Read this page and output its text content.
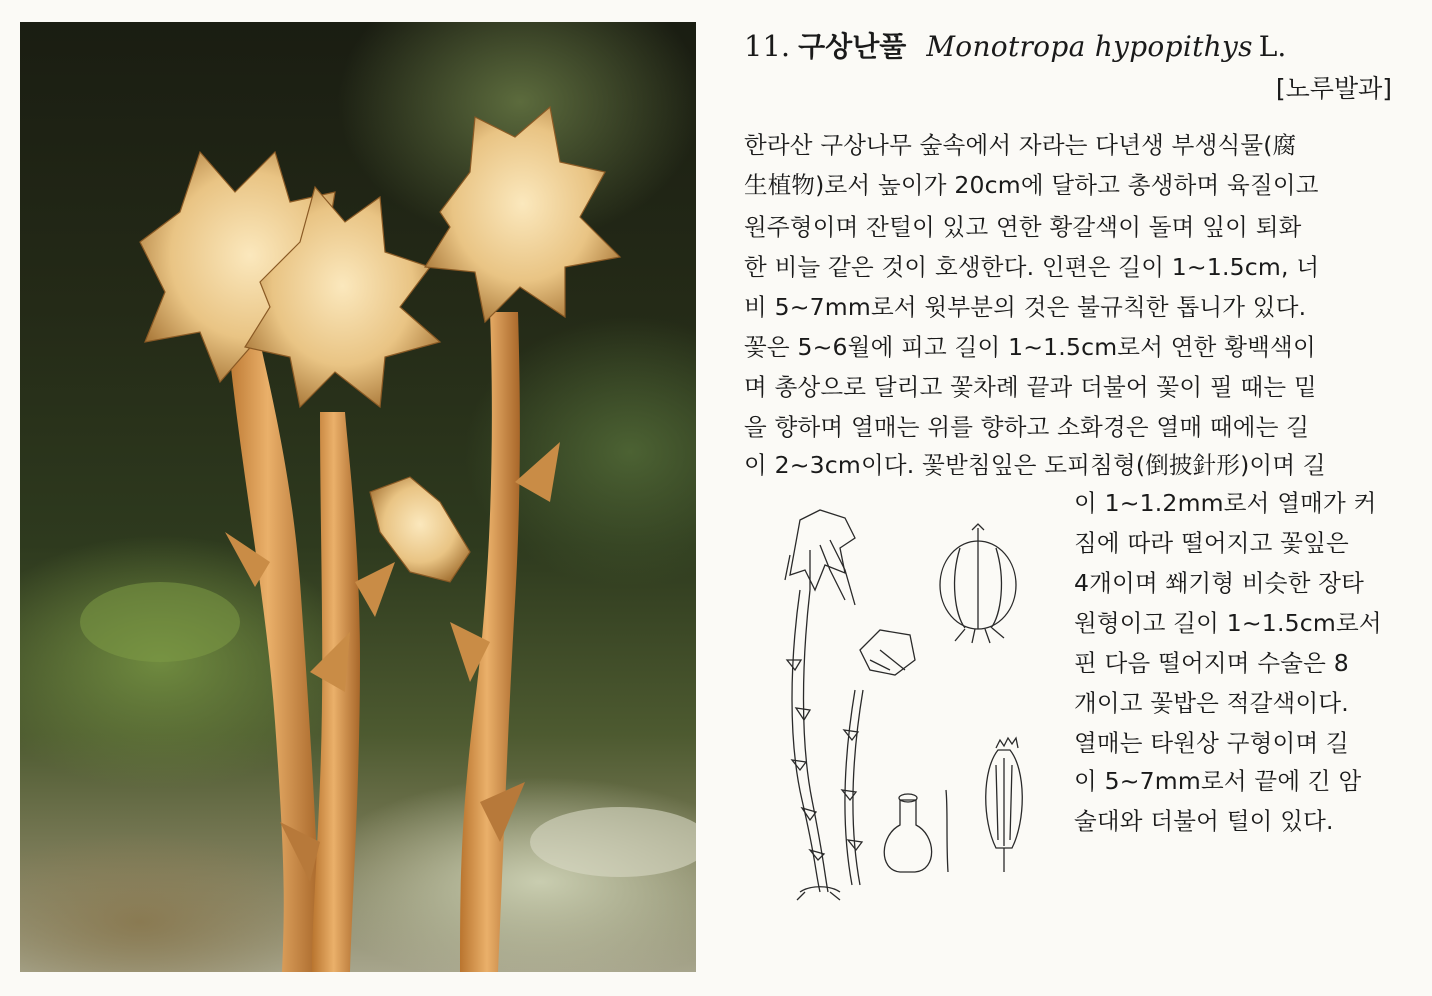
11. 구상난풀 Monotropa hypopithys L.
[노루발과]
한라산 구상나무 숲속에서 자라는 다년생 부생식물(腐
生植物)로서 높이가 20cm에 달하고 총생하며 육질이고
원주형이며 잔털이 있고 연한 황갈색이 돌며 잎이 퇴화
한 비늘 같은 것이 호생한다. 인편은 길이 1~1.5cm, 너
비 5~7mm로서 윗부분의 것은 불규칙한 톱니가 있다.
꽃은 5~6월에 피고 길이 1~1.5cm로서 연한 황백색이
며 총상으로 달리고 꽃차례 끝과 더불어 꽃이 필 때는 밑
을 향하며 열매는 위를 향하고 소화경은 열매 때에는 길
이 2~3cm이다. 꽃받침잎은 도피침형(倒披針形)이며 길
이 1~1.2mm로서 열매가 커
짐에 따라 떨어지고 꽃잎은
4개이며 쐐기형 비슷한 장타
원형이고 길이 1~1.5cm로서
핀 다음 떨어지며 수술은 8
개이고 꽃밥은 적갈색이다.
열매는 타원상 구형이며 길
이 5~7mm로서 끝에 긴 암
술대와 더불어 털이 있다.
